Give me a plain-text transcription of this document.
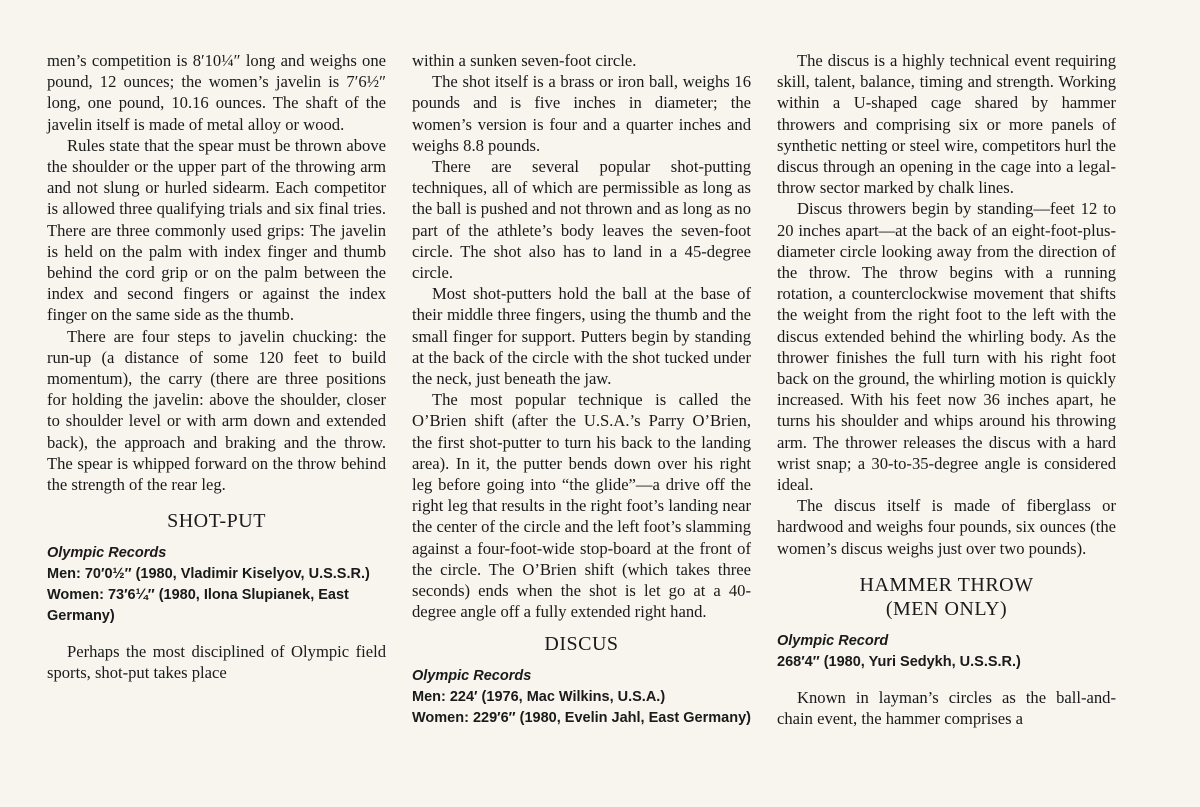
men’s competition is 8′10¼″ long and weighs one pound, 12 ounces; the women’s javelin is 7′6½″ long, one pound, 10.16 ounces. The shaft of the javelin itself is made of metal alloy or wood.

Rules state that the spear must be thrown above the shoulder or the upper part of the throwing arm and not slung or hurled sidearm. Each competitor is allowed three qualifying trials and six final tries. There are three commonly used grips: The javelin is held on the palm with index finger and thumb behind the cord grip or on the palm between the index and second fingers or against the index finger on the same side as the thumb.

There are four steps to javelin chucking: the run-up (a distance of some 120 feet to build momentum), the carry (there are three positions for holding the javelin: above the shoulder, closer to shoulder level or with arm down and extended back), the approach and braking and the throw. The spear is whipped forward on the throw behind the strength of the rear leg.

SHOT-PUT
Olympic Records
Men: 70′0½″ (1980, Vladimir Kiselyov, U.S.S.R.)
Women: 73′6¼″ (1980, Ilona Slupianek, East Germany)

Perhaps the most disciplined of Olympic field sports, shot-put takes place

within a sunken seven-foot circle.

The shot itself is a brass or iron ball, weighs 16 pounds and is five inches in diameter; the women’s version is four and a quarter inches and weighs 8.8 pounds.

There are several popular shot-putting techniques, all of which are permissible as long as the ball is pushed and not thrown and as long as no part of the athlete’s body leaves the seven-foot circle. The shot also has to land in a 45-degree circle.

Most shot-putters hold the ball at the base of their middle three fingers, using the thumb and the small finger for support. Putters begin by standing at the back of the circle with the shot tucked under the neck, just beneath the jaw.

The most popular technique is called the O’Brien shift (after the U.S.A.’s Parry O’Brien, the first shot-putter to turn his back to the landing area). In it, the putter bends down over his right leg before going into “the glide”—a drive off the right leg that results in the right foot’s landing near the center of the circle and the left foot’s slamming against a four-foot-wide stop-board at the front of the circle. The O’Brien shift (which takes three seconds) ends when the shot is let go at a 40-degree angle off a fully extended right hand.

DISCUS
Olympic Records
Men: 224′ (1976, Mac Wilkins, U.S.A.)
Women: 229′6″ (1980, Evelin Jahl, East Germany)

The discus is a highly technical event requiring skill, talent, balance, timing and strength. Working within a U-shaped cage shared by hammer throwers and comprising six or more panels of synthetic netting or steel wire, competitors hurl the discus through an opening in the cage into a legal-throw sector marked by chalk lines.

Discus throwers begin by standing—feet 12 to 20 inches apart—at the back of an eight-foot-plus-diameter circle looking away from the direction of the throw. The throw begins with a running rotation, a counterclockwise movement that shifts the weight from the right foot to the left with the discus extended behind the whirling body. As the thrower finishes the full turn with his right foot back on the ground, the whirling motion is quickly increased. With his feet now 36 inches apart, he turns his shoulder and whips around his throwing arm. The thrower releases the discus with a hard wrist snap; a 30-to-35-degree angle is considered ideal.

The discus itself is made of fiberglass or hardwood and weighs four pounds, six ounces (the women’s discus weighs just over two pounds).

HAMMER THROW
(MEN ONLY)
Olympic Record
268′4″ (1980, Yuri Sedykh, U.S.S.R.)

Known in layman’s circles as the ball-and-chain event, the hammer comprises a
